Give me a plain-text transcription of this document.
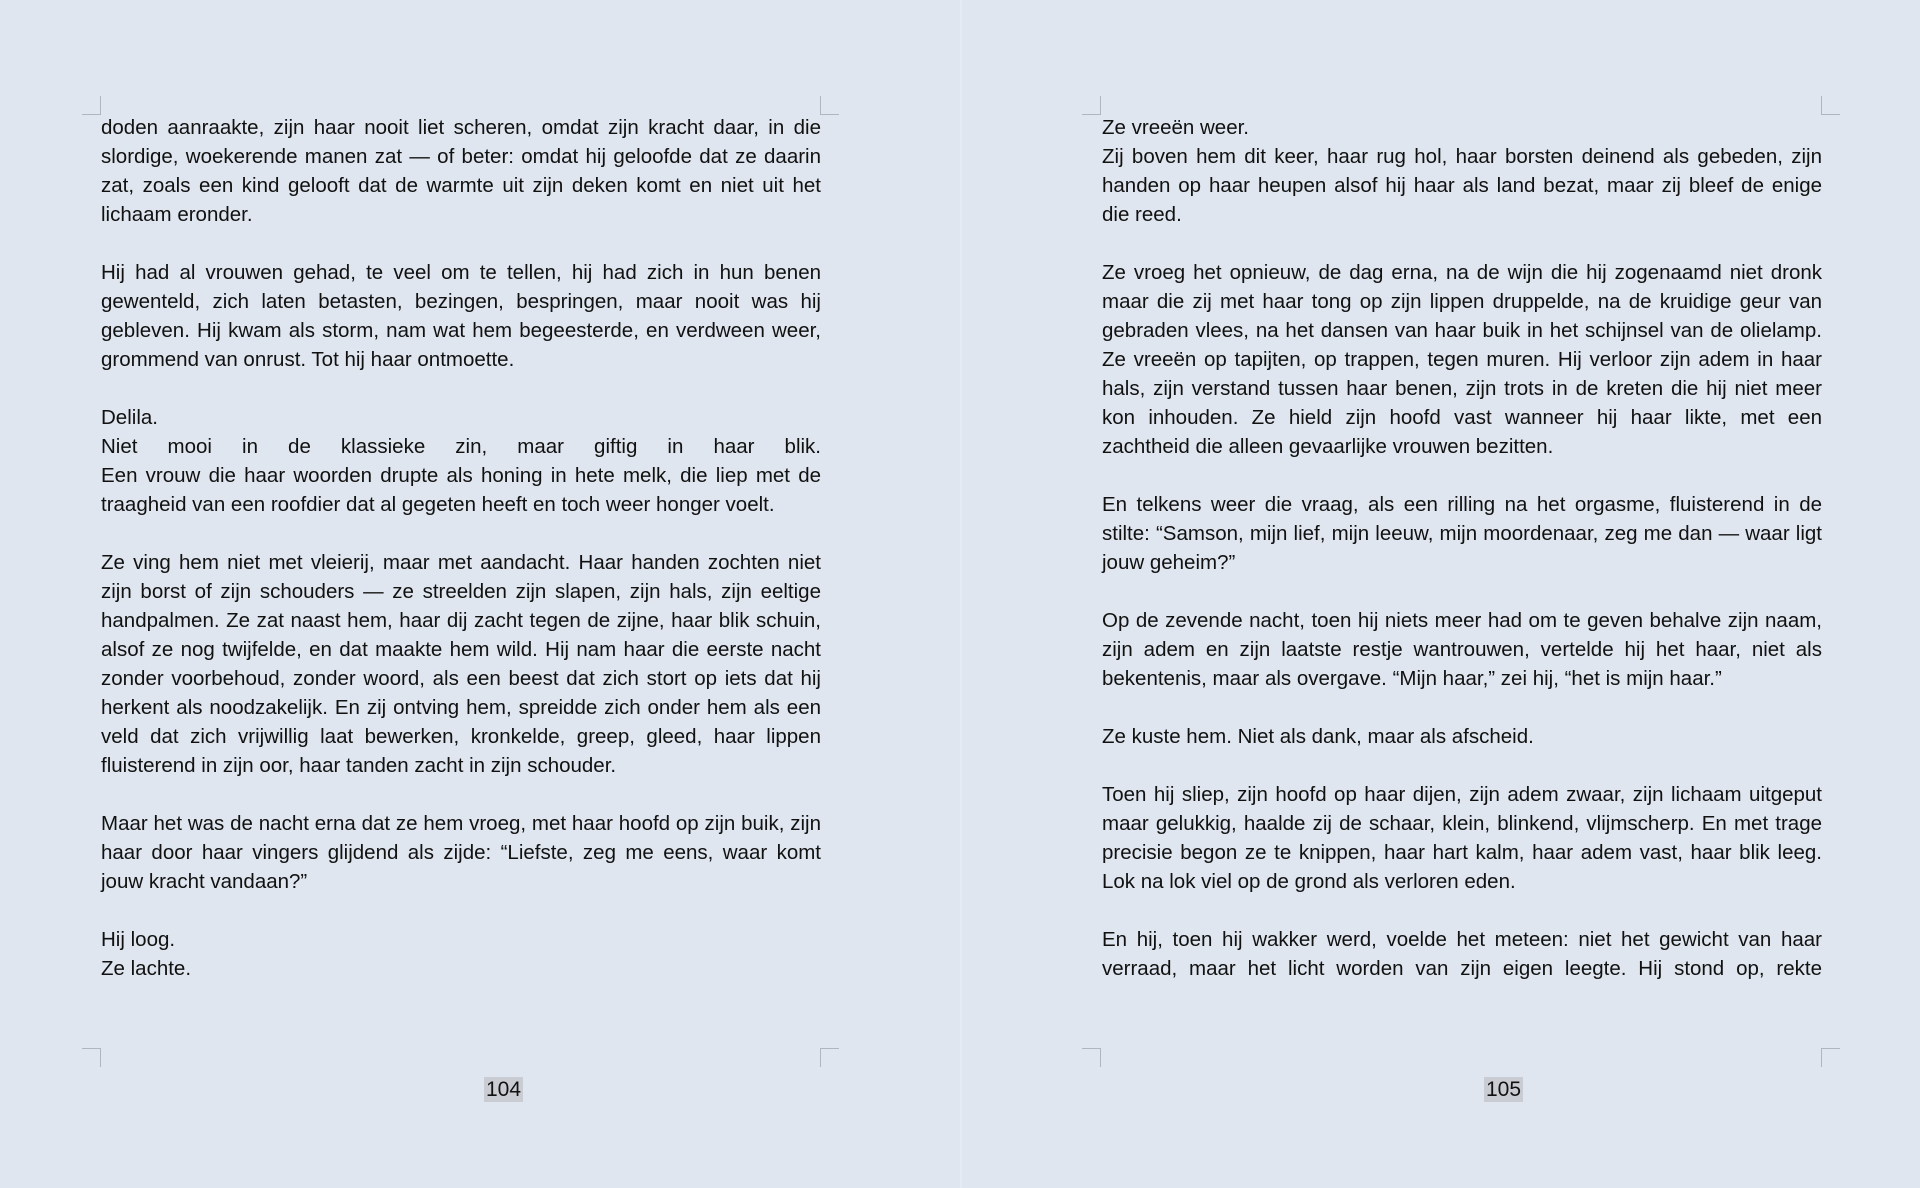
doden aanraakte, zijn haar nooit liet scheren, omdat zijn kracht daar, in die slordige, woekerende manen zat — of beter: omdat hij geloofde dat ze daarin zat, zoals een kind gelooft dat de warmte uit zijn deken komt en niet uit het lichaam eronder.

Hij had al vrouwen gehad, te veel om te tellen, hij had zich in hun benen gewenteld, zich laten betasten, bezingen, bespringen, maar nooit was hij gebleven. Hij kwam als storm, nam wat hem begeesterde, en verdween weer, grommend van onrust. Tot hij haar ontmoette.

Delila.

Niet mooi in de klassieke zin, maar giftig in haar blik.

Een vrouw die haar woorden drupte als honing in hete melk, die liep met de traagheid van een roofdier dat al gegeten heeft en toch weer honger voelt.

Ze ving hem niet met vleierij, maar met aandacht. Haar handen zochten niet zijn borst of zijn schouders — ze streelden zijn slapen, zijn hals, zijn eeltige handpalmen. Ze zat naast hem, haar dij zacht tegen de zijne, haar blik schuin, alsof ze nog twijfelde, en dat maakte hem wild. Hij nam haar die eerste nacht zonder voorbehoud, zonder woord, als een beest dat zich stort op iets dat hij herkent als noodzakelijk. En zij ontving hem, spreidde zich onder hem als een veld dat zich vrijwillig laat bewerken, kronkelde, greep, gleed, haar lippen fluisterend in zijn oor, haar tanden zacht in zijn schouder.

Maar het was de nacht erna dat ze hem vroeg, met haar hoofd op zijn buik, zijn haar door haar vingers glijdend als zijde: “Liefste, zeg me eens, waar komt jouw kracht vandaan?”

Hij loog.

Ze lachte.

104

Ze vreeën weer.

Zij boven hem dit keer, haar rug hol, haar borsten deinend als gebeden, zijn handen op haar heupen alsof hij haar als land bezat, maar zij bleef de enige die reed.

Ze vroeg het opnieuw, de dag erna, na de wijn die hij zogenaamd niet dronk maar die zij met haar tong op zijn lippen druppelde, na de kruidige geur van gebraden vlees, na het dansen van haar buik in het schijnsel van de olielamp. Ze vreeën op tapijten, op trappen, tegen muren. Hij verloor zijn adem in haar hals, zijn verstand tussen haar benen, zijn trots in de kreten die hij niet meer kon inhouden. Ze hield zijn hoofd vast wanneer hij haar likte, met een zachtheid die alleen gevaarlijke vrouwen bezitten.

En telkens weer die vraag, als een rilling na het orgasme, fluisterend in de stilte: “Samson, mijn lief, mijn leeuw, mijn moordenaar, zeg me dan — waar ligt jouw geheim?”

Op de zevende nacht, toen hij niets meer had om te geven behalve zijn naam, zijn adem en zijn laatste restje wantrouwen, vertelde hij het haar, niet als bekentenis, maar als overgave. “Mijn haar,” zei hij, “het is mijn haar.”

Ze kuste hem. Niet als dank, maar als afscheid.

Toen hij sliep, zijn hoofd op haar dijen, zijn adem zwaar, zijn lichaam uitgeput maar gelukkig, haalde zij de schaar, klein, blinkend, vlijmscherp. En met trage precisie begon ze te knippen, haar hart kalm, haar adem vast, haar blik leeg. Lok na lok viel op de grond als verloren eden.

En hij, toen hij wakker werd, voelde het meteen: niet het gewicht van haar verraad, maar het licht worden van zijn eigen leegte. Hij stond op, rekte

105
